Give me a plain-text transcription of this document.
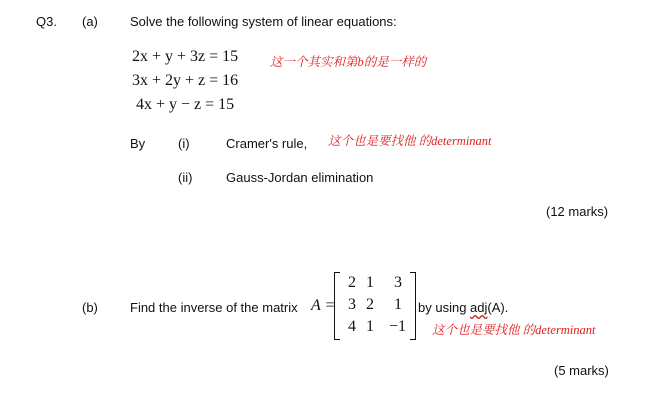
Q3. (a) Solve the following system of linear equations:
2x + y + 3z = 15
3x + 2y + z = 16
4x + y − z = 15
这一个其实和第b的是一样的
By	(i)	Cramer's rule, 这个也是要找他 的determinant
(ii)	Gauss-Jordan elimination
(12 marks)
(b) Find the inverse of the matrix A =
2 1	3
3 2	1
4 1 −1
by using adj(A).
这个也是要找他 的determinant
(5 marks)
